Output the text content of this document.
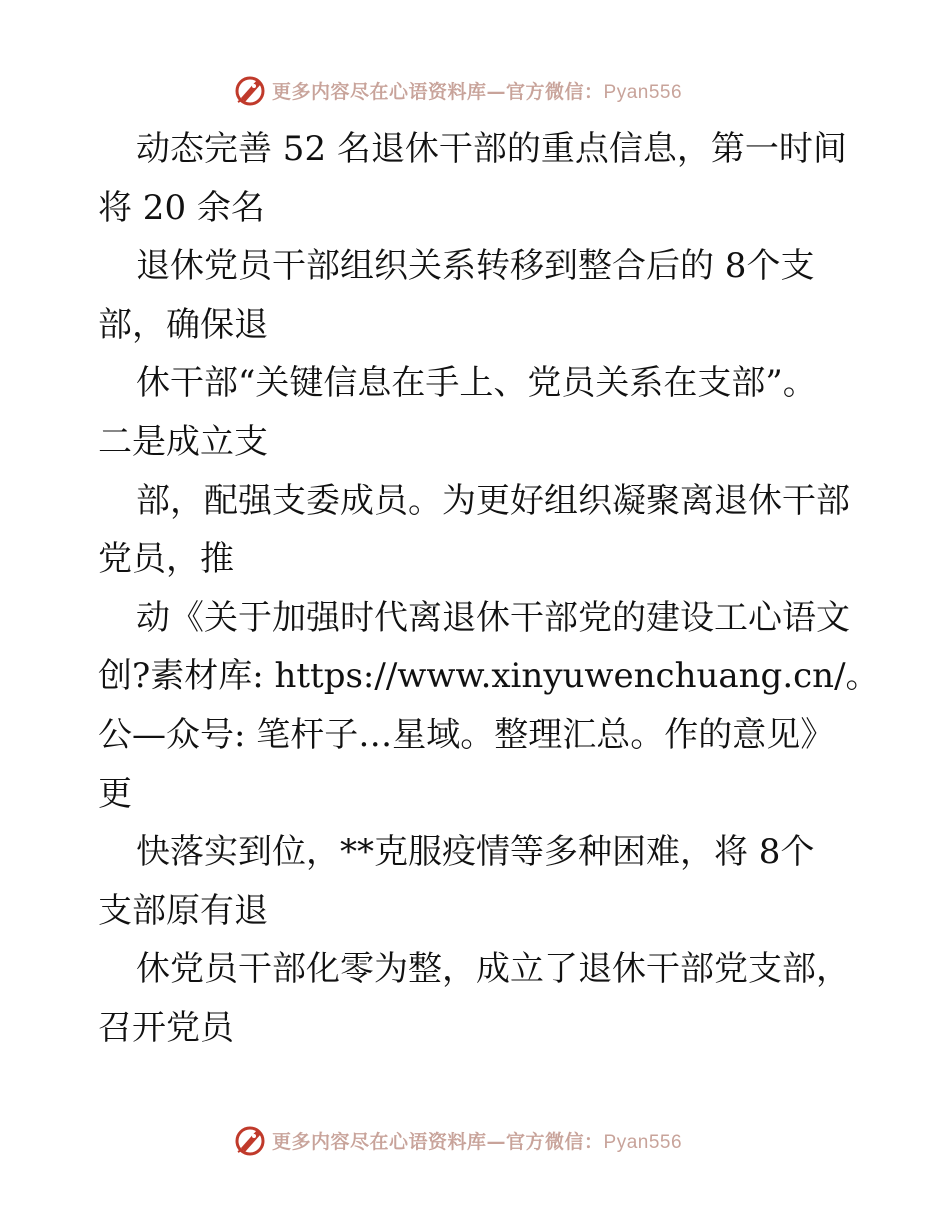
更多内容尽在心语资料库—官方微信：Pyan556
动态完善 52 名退休干部的重点信息，第一时间
将 20 余名
退休党员干部组织关系转移到整合后的 8个支
部，确保退
休干部“关键信息在手上、党员关系在支部”。
二是成立支
部，配强支委成员。为更好组织凝聚离退休干部
党员，推
动《关于加强时代离退休干部党的建设工心语文
创?素材库: https://www.xinyuwenchuang.cn/。
公—众号: 笔杆子…星域。整理汇总。作的意见》
更
快落实到位，**克服疫情等多种困难，将 8个
支部原有退
休党员干部化零为整，成立了退休干部党支部，
召开党员
更多内容尽在心语资料库—官方微信：Pyan556
